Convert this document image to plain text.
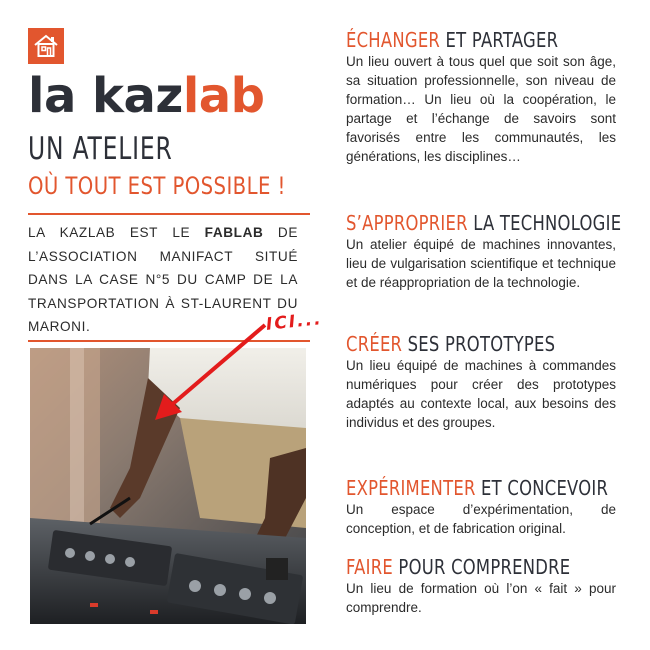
la kazlab
UN ATELIER
OÙ TOUT EST POSSIBLE !
LA KAZLAB EST LE FABLAB DE L’ASSOCIATION MANIFACT SITUÉ DANS LA CASE N°5 DU CAMP DE LA TRANSPORTATION À ST-LAURENT DU MARONI.	ICI...
ÉCHANGER ET PARTAGER

Un lieu ouvert à tous quel que soit son âge, sa situation professionnelle, son niveau de formation… Un lieu où la coopération, le partage et l’échange de savoirs sont favorisés entre les communautés, les générations, les disciplines…

S’APPROPRIER LA TECHNOLOGIE

Un atelier équipé de machines innovantes, lieu de vulgarisation scientifique et technique et de réappropriation de la technologie.

CRÉER SES PROTOTYPES

Un lieu équipé de machines à commandes numériques pour créer des prototypes adaptés au contexte local, aux besoins des individus et des groupes.

EXPÉRIMENTER ET CONCEVOIR

Un espace d’expérimentation, de conception, et de fabrication original.

FAIRE POUR COMPRENDRE

Un lieu de formation où l’on « fait » pour comprendre.
